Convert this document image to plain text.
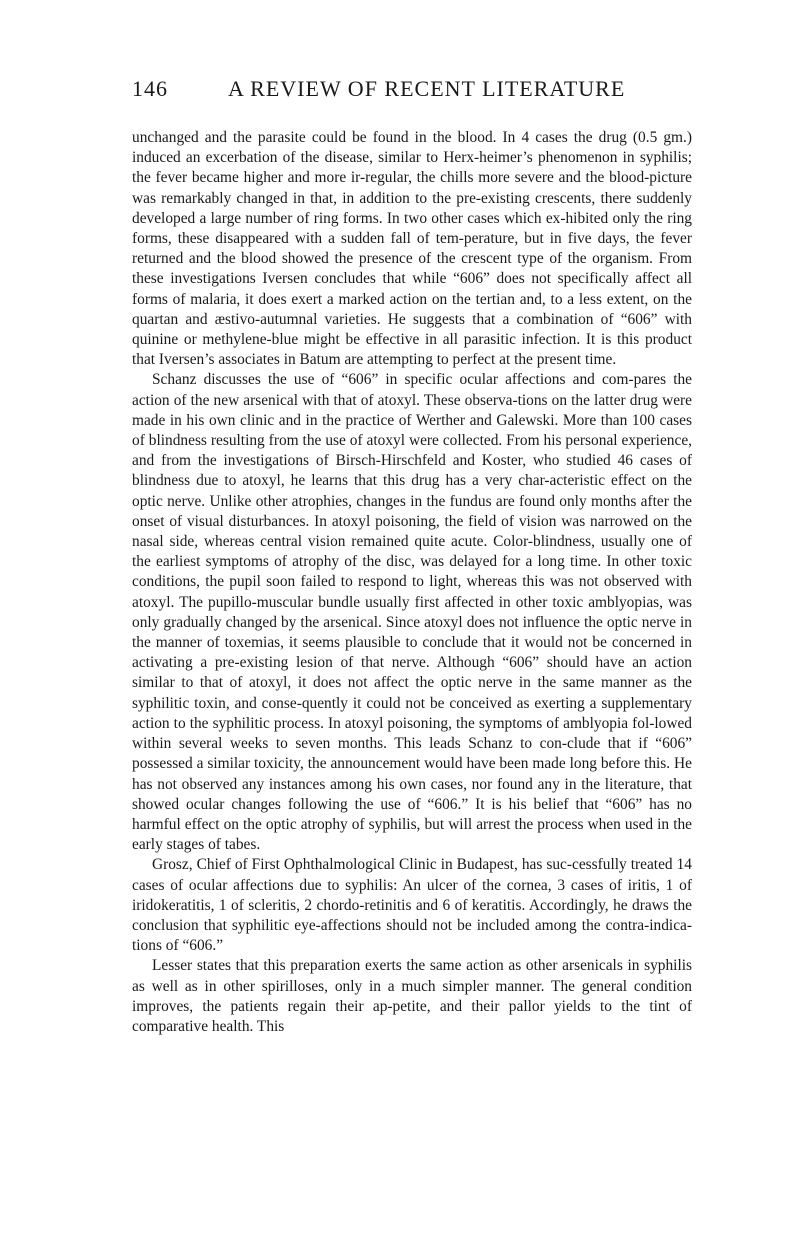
146	A REVIEW OF RECENT LITERATURE

unchanged and the parasite could be found in the blood. In 4 cases the drug (0.5 gm.) induced an excerbation of the disease, similar to Herx-heimer’s phenomenon in syphilis; the fever became higher and more ir-regular, the chills more severe and the blood-picture was remarkably changed in that, in addition to the pre-existing crescents, there suddenly developed a large number of ring forms. In two other cases which ex-hibited only the ring forms, these disappeared with a sudden fall of tem-perature, but in five days, the fever returned and the blood showed the presence of the crescent type of the organism. From these investigations Iversen concludes that while “606” does not specifically affect all forms of malaria, it does exert a marked action on the tertian and, to a less extent, on the quartan and æstivo-autumnal varieties. He suggests that a combination of “606” with quinine or methylene-blue might be effective in all parasitic infection. It is this product that Iversen’s associates in Batum are attempting to perfect at the present time.

Schanz discusses the use of “606” in specific ocular affections and com-pares the action of the new arsenical with that of atoxyl. These observa-tions on the latter drug were made in his own clinic and in the practice of Werther and Galewski. More than 100 cases of blindness resulting from the use of atoxyl were collected. From his personal experience, and from the investigations of Birsch-Hirschfeld and Koster, who studied 46 cases of blindness due to atoxyl, he learns that this drug has a very char-acteristic effect on the optic nerve. Unlike other atrophies, changes in the fundus are found only months after the onset of visual disturbances. In atoxyl poisoning, the field of vision was narrowed on the nasal side, whereas central vision remained quite acute. Color-blindness, usually one of the earliest symptoms of atrophy of the disc, was delayed for a long time. In other toxic conditions, the pupil soon failed to respond to light, whereas this was not observed with atoxyl. The pupillo-muscular bundle usually first affected in other toxic amblyopias, was only gradually changed by the arsenical. Since atoxyl does not influence the optic nerve in the manner of toxemias, it seems plausible to conclude that it would not be concerned in activating a pre-existing lesion of that nerve. Although “606” should have an action similar to that of atoxyl, it does not affect the optic nerve in the same manner as the syphilitic toxin, and conse-quently it could not be conceived as exerting a supplementary action to the syphilitic process. In atoxyl poisoning, the symptoms of amblyopia fol-lowed within several weeks to seven months. This leads Schanz to con-clude that if “606” possessed a similar toxicity, the announcement would have been made long before this. He has not observed any instances among his own cases, nor found any in the literature, that showed ocular changes following the use of “606.” It is his belief that “606” has no harmful effect on the optic atrophy of syphilis, but will arrest the process when used in the early stages of tabes.

Grosz, Chief of First Ophthalmological Clinic in Budapest, has suc-cessfully treated 14 cases of ocular affections due to syphilis: An ulcer of the cornea, 3 cases of iritis, 1 of iridokeratitis, 1 of scleritis, 2 chordo-retinitis and 6 of keratitis. Accordingly, he draws the conclusion that syphilitic eye-affections should not be included among the contra-indica-tions of “606.”

Lesser states that this preparation exerts the same action as other arsenicals in syphilis as well as in other spirilloses, only in a much simpler manner. The general condition improves, the patients regain their ap-petite, and their pallor yields to the tint of comparative health. This
